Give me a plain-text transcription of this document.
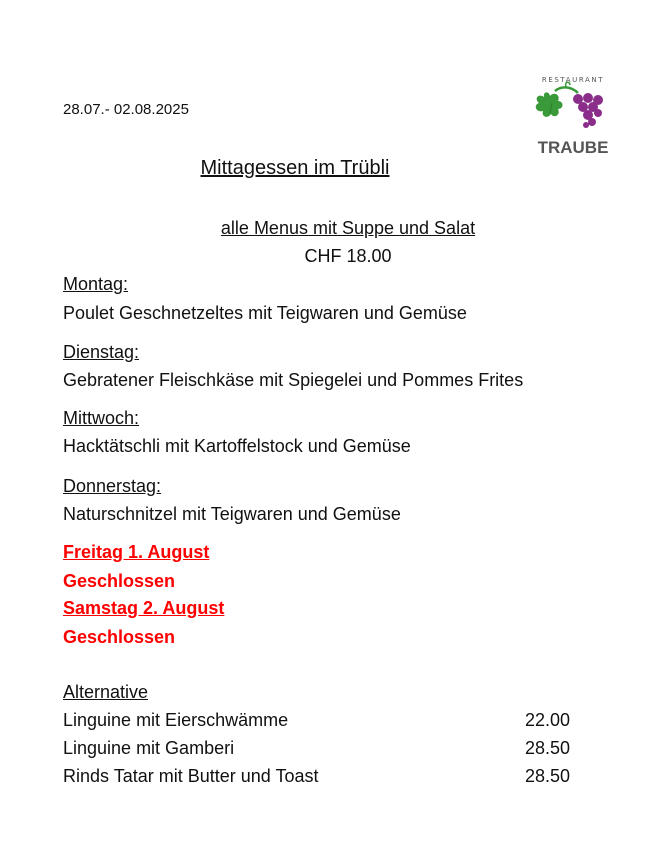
28.07.- 02.08.2025
RESTAURANT
TRAUBE
Mittagessen im Trübli
alle Menus mit Suppe und Salat
CHF 18.00
Montag:
Poulet Geschnetzeltes mit Teigwaren und Gemüse
Dienstag:
Gebratener Fleischkäse mit Spiegelei und Pommes Frites
Mittwoch:
Hacktätschli mit Kartoffelstock und Gemüse
Donnerstag:
Naturschnitzel mit Teigwaren und Gemüse
Freitag 1. August
Geschlossen
Samstag 2. August
Geschlossen
Alternative
Linguine mit Eierschwämme	22.00
Linguine mit Gamberi	28.50
Rinds Tatar mit Butter und Toast	28.50
